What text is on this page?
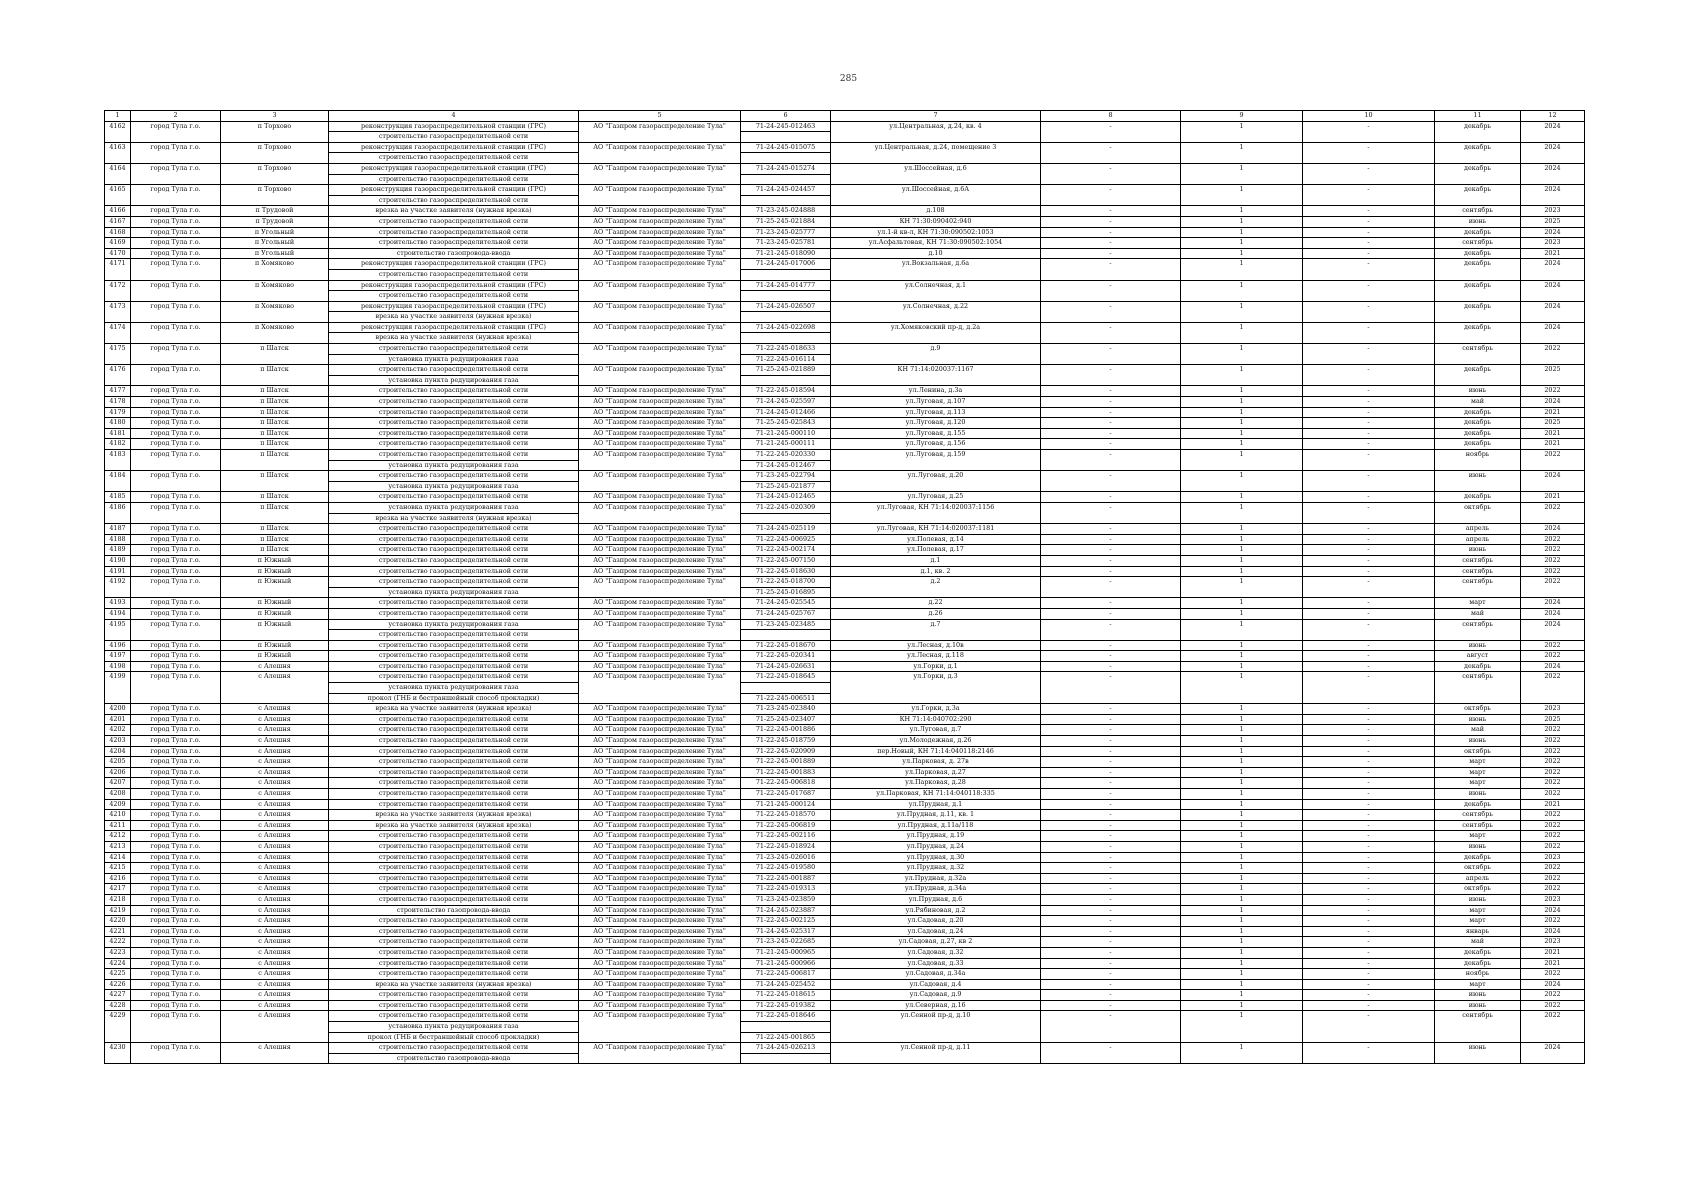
285
1	2	3	4	5	6	7	8	9	10	11	12
4162	город Тула г.о.	п Торхово	реконструкция газораспределительной станции (ГРС)	АО "Газпром газораспределение Тула"	71-24-245-012463	ул.Центральная, д.24, кв. 4	-	1	-	декабрь	2024
			строительство газораспределительной сети								
4163	город Тула г.о.	п Торхово	реконструкция газораспределительной станции (ГРС)	АО "Газпром газораспределение Тула"	71-24-245-015075	ул.Центральная, д.24, помещение 3	-	1	-	декабрь	2024
			строительство газораспределительной сети								
4164	город Тула г.о.	п Торхово	реконструкция газораспределительной станции (ГРС)	АО "Газпром газораспределение Тула"	71-24-245-015274	ул.Шоссейная, д.6	-	1	-	декабрь	2024
			строительство газораспределительной сети								
4165	город Тула г.о.	п Торхово	реконструкция газораспределительной станции (ГРС)	АО "Газпром газораспределение Тула"	71-24-245-024457	ул.Шоссейная, д.6А	-	1	-	декабрь	2024
			строительство газораспределительной сети								
4166	город Тула г.о.	п Трудовой	врезка на участке заявителя (нужная врезка)	АО "Газпром газораспределение Тула"	71-23-245-024888	д.108	-	1	-	сентябрь	2023
4167	город Тула г.о.	п Трудовой	строительство газораспределительной сети	АО "Газпром газораспределение Тула"	71-25-245-021884	КН 71:30:090402:940	-	1	-	июнь	2025
4168	город Тула г.о.	п Угольный	строительство газораспределительной сети	АО "Газпром газораспределение Тула"	71-23-245-025777	ул.1-й кв-л, КН 71:30:090502:1053	-	1	-	декабрь	2024
4169	город Тула г.о.	п Угольный	строительство газораспределительной сети	АО "Газпром газораспределение Тула"	71-23-245-025781	ул.Асфальтовая, КН 71:30:090502:1054	-	1	-	сентябрь	2023
4170	город Тула г.о.	п Угольный	строительство газопровода-ввода	АО "Газпром газораспределение Тула"	71-21-245-018090	д.10	-	1	-	декабрь	2021
4171	город Тула г.о.	п Хомяково	реконструкция газораспределительной станции (ГРС)	АО "Газпром газораспределение Тула"	71-24-245-017006	ул.Вокзальная, д.6а	-	1	-	декабрь	2024
			строительство газораспределительной сети								
4172	город Тула г.о.	п Хомяково	реконструкция газораспределительной станции (ГРС)	АО "Газпром газораспределение Тула"	71-24-245-014777	ул.Солнечная, д.1	-	1	-	декабрь	2024
			строительство газораспределительной сети								
4173	город Тула г.о.	п Хомяково	реконструкция газораспределительной станции (ГРС)	АО "Газпром газораспределение Тула"	71-24-245-026507	ул.Солнечная, д.22	-	1	-	декабрь	2024
			врезка на участке заявителя (нужная врезка)								
4174	город Тула г.о.	п Хомяково	реконструкция газораспределительной станции (ГРС)	АО "Газпром газораспределение Тула"	71-24-245-022698	ул.Хомяковский пр-д, д.2а	-	1	-	декабрь	2024
			врезка на участке заявителя (нужная врезка)								
4175	город Тула г.о.	п Шатск	строительство газораспределительной сети	АО "Газпром газораспределение Тула"	71-22-245-018633	д.9	-	1	-	сентябрь	2022
			установка пункта редуцирования газа		71-22-245-016114						
4176	город Тула г.о.	п Шатск	строительство газораспределительной сети	АО "Газпром газораспределение Тула"	71-25-245-021889	КН 71:14:020037:1167	-	1	-	декабрь	2025
			установка пункта редуцирования газа								
4177	город Тула г.о.	п Шатск	строительство газораспределительной сети	АО "Газпром газораспределение Тула"	71-22-245-018594	ул.Ленина, д.3а	-	1	-	июнь	2022
4178	город Тула г.о.	п Шатск	строительство газораспределительной сети	АО "Газпром газораспределение Тула"	71-24-245-025597	ул.Луговая, д.107	-	1	-	май	2024
4179	город Тула г.о.	п Шатск	строительство газораспределительной сети	АО "Газпром газораспределение Тула"	71-24-245-012466	ул.Луговая, д.113	-	1	-	декабрь	2021
4180	город Тула г.о.	п Шатск	строительство газораспределительной сети	АО "Газпром газораспределение Тула"	71-25-245-025843	ул.Луговая, д.120	-	1	-	декабрь	2025
4181	город Тула г.о.	п Шатск	строительство газораспределительной сети	АО "Газпром газораспределение Тула"	71-21-245-000110	ул.Луговая, д.155	-	1	-	декабрь	2021
4182	город Тула г.о.	п Шатск	строительство газораспределительной сети	АО "Газпром газораспределение Тула"	71-21-245-000111	ул.Луговая, д.156	-	1	-	декабрь	2021
4183	город Тула г.о.	п Шатск	строительство газораспределительной сети	АО "Газпром газораспределение Тула"	71-22-245-020330	ул.Луговая, д.159	-	1	-	ноябрь	2022
			установка пункта редуцирования газа		71-24-245-012467						
4184	город Тула г.о.	п Шатск	строительство газораспределительной сети	АО "Газпром газораспределение Тула"	71-23-245-022794	ул.Луговая, д.20	-	1	-	июнь	2024
			установка пункта редуцирования газа		71-25-245-021877						
4185	город Тула г.о.	п Шатск	строительство газораспределительной сети	АО "Газпром газораспределение Тула"	71-24-245-012465	ул.Луговая, д.25	-	1	-	декабрь	2021
4186	город Тула г.о.	п Шатск	установка пункта редуцирования газа	АО "Газпром газораспределение Тула"	71-22-245-020309	ул.Луговая, КН 71:14:020037:1156	-	1	-	октябрь	2022
			врезка на участке заявителя (нужная врезка)								
4187	город Тула г.о.	п Шатск	строительство газораспределительной сети	АО "Газпром газораспределение Тула"	71-24-245-025119	ул.Луговая, КН 71:14:020037:1181	-	1	-	апрель	2024
4188	город Тула г.о.	п Шатск	строительство газораспределительной сети	АО "Газпром газораспределение Тула"	71-22-245-006925	ул.Полевая, д.14	-	1	-	апрель	2022
4189	город Тула г.о.	п Шатск	строительство газораспределительной сети	АО "Газпром газораспределение Тула"	71-22-245-002174	ул.Полевая, д.17	-	1	-	июнь	2022
4190	город Тула г.о.	п Южный	строительство газораспределительной сети	АО "Газпром газораспределение Тула"	71-22-245-007150	д.1	-	1	-	сентябрь	2022
4191	город Тула г.о.	п Южный	строительство газораспределительной сети	АО "Газпром газораспределение Тула"	71-22-245-018630	д.1, кв. 2	-	1	-	сентябрь	2022
4192	город Тула г.о.	п Южный	строительство газораспределительной сети	АО "Газпром газораспределение Тула"	71-22-245-018700	д.2	-	1	-	сентябрь	2022
			установка пункта редуцирования газа		71-25-245-016895						
4193	город Тула г.о.	п Южный	строительство газораспределительной сети	АО "Газпром газораспределение Тула"	71-24-245-025545	д.22	-	1	-	март	2024
4194	город Тула г.о.	п Южный	строительство газораспределительной сети	АО "Газпром газораспределение Тула"	71-24-245-025767	д.26	-	1	-	май	2024
4195	город Тула г.о.	п Южный	установка пункта редуцирования газа	АО "Газпром газораспределение Тула"	71-23-245-023485	д.7	-	1	-	сентябрь	2024
			строительство газораспределительной сети								
4196	город Тула г.о.	п Южный	строительство газораспределительной сети	АО "Газпром газораспределение Тула"	71-22-245-018670	ул.Лесная, д.10в	-	1	-	июнь	2022
4197	город Тула г.о.	п Южный	строительство газораспределительной сети	АО "Газпром газораспределение Тула"	71-22-245-020341	ул.Лесная, д.118	-	1	-	август	2022
4198	город Тула г.о.	с Алешня	строительство газораспределительной сети	АО "Газпром газораспределение Тула"	71-24-245-026631	ул.Горки, д.1	-	1	-	декабрь	2024
4199	город Тула г.о.	с Алешня	строительство газораспределительной сети	АО "Газпром газораспределение Тула"	71-22-245-018645	ул.Горки, д.3	-	1	-	сентябрь	2022
			установка пункта редуцирования газа								
			прокол (ГНБ и бестраншейный способ прокладки)		71-22-245-006511						
4200	город Тула г.о.	с Алешня	врезка на участке заявителя (нужная врезка)	АО "Газпром газораспределение Тула"	71-23-245-023840	ул.Горки, д.3а	-	1	-	октябрь	2023
4201	город Тула г.о.	с Алешня	строительство газораспределительной сети	АО "Газпром газораспределение Тула"	71-25-245-023407	КН 71:14:040702:290	-	1	-	июнь	2025
4202	город Тула г.о.	с Алешня	строительство газораспределительной сети	АО "Газпром газораспределение Тула"	71-22-245-001886	ул.Луговая, д.7	-	1	-	май	2022
4203	город Тула г.о.	с Алешня	строительство газораспределительной сети	АО "Газпром газораспределение Тула"	71-22-245-018759	ул.Молодежная, д.26	-	1	-	июнь	2022
4204	город Тула г.о.	с Алешня	строительство газораспределительной сети	АО "Газпром газораспределение Тула"	71-22-245-020909	пер.Новый, КН 71:14:040118:2146	-	1	-	октябрь	2022
4205	город Тула г.о.	с Алешня	строительство газораспределительной сети	АО "Газпром газораспределение Тула"	71-22-245-001889	ул.Парковая, д. 27в	-	1	-	март	2022
4206	город Тула г.о.	с Алешня	строительство газораспределительной сети	АО "Газпром газораспределение Тула"	71-22-245-001883	ул.Парковая, д.27	-	1	-	март	2022
4207	город Тула г.о.	с Алешня	строительство газораспределительной сети	АО "Газпром газораспределение Тула"	71-22-245-006818	ул.Парковая, д.28	-	1	-	март	2022
4208	город Тула г.о.	с Алешня	строительство газораспределительной сети	АО "Газпром газораспределение Тула"	71-22-245-017687	ул.Парковая, КН 71:14:040118:335	-	1	-	июнь	2022
4209	город Тула г.о.	с Алешня	строительство газораспределительной сети	АО "Газпром газораспределение Тула"	71-21-245-000124	ул.Прудная, д.1	-	1	-	декабрь	2021
4210	город Тула г.о.	с Алешня	врезка на участке заявителя (нужная врезка)	АО "Газпром газораспределение Тула"	71-22-245-018570	ул.Прудная, д.11, кв. 1	-	1	-	сентябрь	2022
4211	город Тула г.о.	с Алешня	врезка на участке заявителя (нужная врезка)	АО "Газпром газораспределение Тула"	71-22-245-006819	ул.Прудная, д.11а/118	-	1	-	сентябрь	2022
4212	город Тула г.о.	с Алешня	строительство газораспределительной сети	АО "Газпром газораспределение Тула"	71-22-245-002116	ул.Прудная, д.19	-	1	-	март	2022
4213	город Тула г.о.	с Алешня	строительство газораспределительной сети	АО "Газпром газораспределение Тула"	71-22-245-018924	ул.Прудная, д.24	-	1	-	июнь	2022
4214	город Тула г.о.	с Алешня	строительство газораспределительной сети	АО "Газпром газораспределение Тула"	71-23-245-026016	ул.Прудная, д.30	-	1	-	декабрь	2023
4215	город Тула г.о.	с Алешня	строительство газораспределительной сети	АО "Газпром газораспределение Тула"	71-22-245-019580	ул.Прудная, д.32	-	1	-	октябрь	2022
4216	город Тула г.о.	с Алешня	строительство газораспределительной сети	АО "Газпром газораспределение Тула"	71-22-245-001887	ул.Прудная, д.32а	-	1	-	апрель	2022
4217	город Тула г.о.	с Алешня	строительство газораспределительной сети	АО "Газпром газораспределение Тула"	71-22-245-019313	ул.Прудная, д.34а	-	1	-	октябрь	2022
4218	город Тула г.о.	с Алешня	строительство газораспределительной сети	АО "Газпром газораспределение Тула"	71-23-245-023859	ул.Прудная, д.6	-	1	-	июнь	2023
4219	город Тула г.о.	с Алешня	строительство газопровода-ввода	АО "Газпром газораспределение Тула"	71-24-245-023887	ул.Рябиновая, д.2	-	1	-	март	2024
4220	город Тула г.о.	с Алешня	строительство газораспределительной сети	АО "Газпром газораспределение Тула"	71-22-245-002125	ул.Садовая, д.20	-	1	-	март	2022
4221	город Тула г.о.	с Алешня	строительство газораспределительной сети	АО "Газпром газораспределение Тула"	71-24-245-025317	ул.Садовая, д.24	-	1	-	январь	2024
4222	город Тула г.о.	с Алешня	строительство газораспределительной сети	АО "Газпром газораспределение Тула"	71-23-245-022685	ул.Садовая, д.27, кв 2	-	1	-	май	2023
4223	город Тула г.о.	с Алешня	строительство газораспределительной сети	АО "Газпром газораспределение Тула"	71-21-245-000965	ул.Садовая, д.32	-	1	-	декабрь	2021
4224	город Тула г.о.	с Алешня	строительство газораспределительной сети	АО "Газпром газораспределение Тула"	71-21-245-000966	ул.Садовая, д.33	-	1	-	декабрь	2021
4225	город Тула г.о.	с Алешня	строительство газораспределительной сети	АО "Газпром газораспределение Тула"	71-22-245-006817	ул.Садовая, д.34а	-	1	-	ноябрь	2022
4226	город Тула г.о.	с Алешня	врезка на участке заявителя (нужная врезка)	АО "Газпром газораспределение Тула"	71-24-245-025452	ул.Садовая, д.4	-	1	-	март	2024
4227	город Тула г.о.	с Алешня	строительство газораспределительной сети	АО "Газпром газораспределение Тула"	71-22-245-018615	ул.Садовая, д.9	-	1	-	июнь	2022
4228	город Тула г.о.	с Алешня	строительство газораспределительной сети	АО "Газпром газораспределение Тула"	71-22-245-019382	ул.Северная, д.16	-	1	-	июнь	2022
4229	город Тула г.о.	с Алешня	строительство газораспределительной сети	АО "Газпром газораспределение Тула"	71-22-245-018646	ул.Сенной пр-д, д.10	-	1	-	сентябрь	2022
			установка пункта редуцирования газа								
			прокол (ГНБ и бестраншейный способ прокладки)		71-22-245-001865						
4230	город Тула г.о.	с Алешня	строительство газораспределительной сети	АО "Газпром газораспределение Тула"	71-24-245-026213	ул.Сенной пр-д, д.11	-	1	-	июнь	2024
			строительство газопровода-ввода								
